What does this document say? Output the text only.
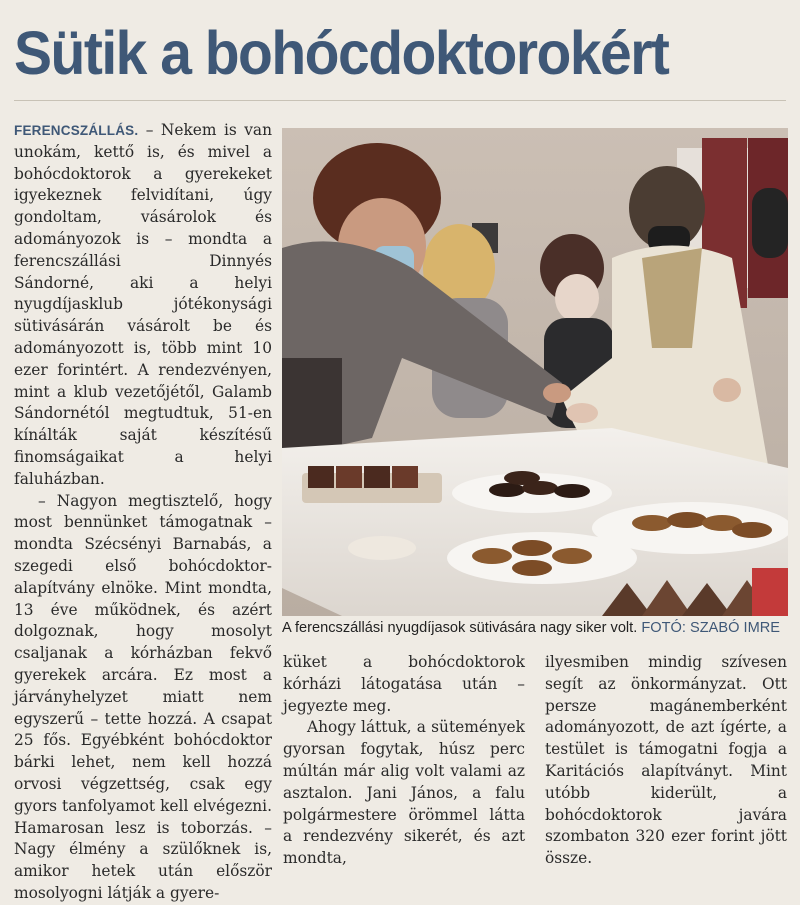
Sütik a bohócdoktorokért

FERENCSZÁLLÁS. – Nekem is van unokám, kettő is, és mivel a bohócdoktorok a gyerekeket igyekeznek felvidítani, úgy gondoltam, vásárolok és adományozok is – mondta a ferencszállási Dinnyés Sándorné, aki a helyi nyugdíjasklub jótékonysági sütivásárán vásárolt be és adományozott is, több mint 10 ezer forintért. A rendezvényen, mint a klub vezetőjétől, Galamb Sándornétól megtudtuk, 51-en kínálták saját készítésű finomságaikat a helyi faluházban.

– Nagyon megtisztelő, hogy most bennünket támogatnak – mondta Szécsényi Barnabás, a szegedi első bohócdoktor-alapítvány elnöke. Mint mondta, 13 éve működnek, és azért dolgoznak, hogy mosolyt csaljanak a kórházban fekvő gyerekek arcára. Ez most a járványhelyzet miatt nem egyszerű – tette hozzá. A csapat 25 fős. Egyébként bohócdoktor bárki lehet, nem kell hozzá orvosi végzettség, csak egy gyors tanfolyamot kell elvégezni. Hamarosan lesz is toborzás. – Nagy élmény a szülőknek is, amikor hetek után először mosolyogni látják a gyere-

A ferencszállási nyugdíjasok sütivására nagy siker volt. FOTÓ: SZABÓ IMRE

küket a bohócdoktorok kórházi látogatása után – jegyezte meg.

Ahogy láttuk, a sütemények gyorsan fogytak, húsz perc múltán már alig volt valami az asztalon. Jani János, a falu polgármestere örömmel látta a rendezvény sikerét, és azt mondta,

ilyesmiben mindig szívesen segít az önkormányzat. Ott persze magánemberként adományozott, de azt ígérte, a testület is támogatni fogja a Karitációs alapítványt. Mint utóbb kiderült, a bohócdoktorok javára szombaton 320 ezer forint jött össze.
